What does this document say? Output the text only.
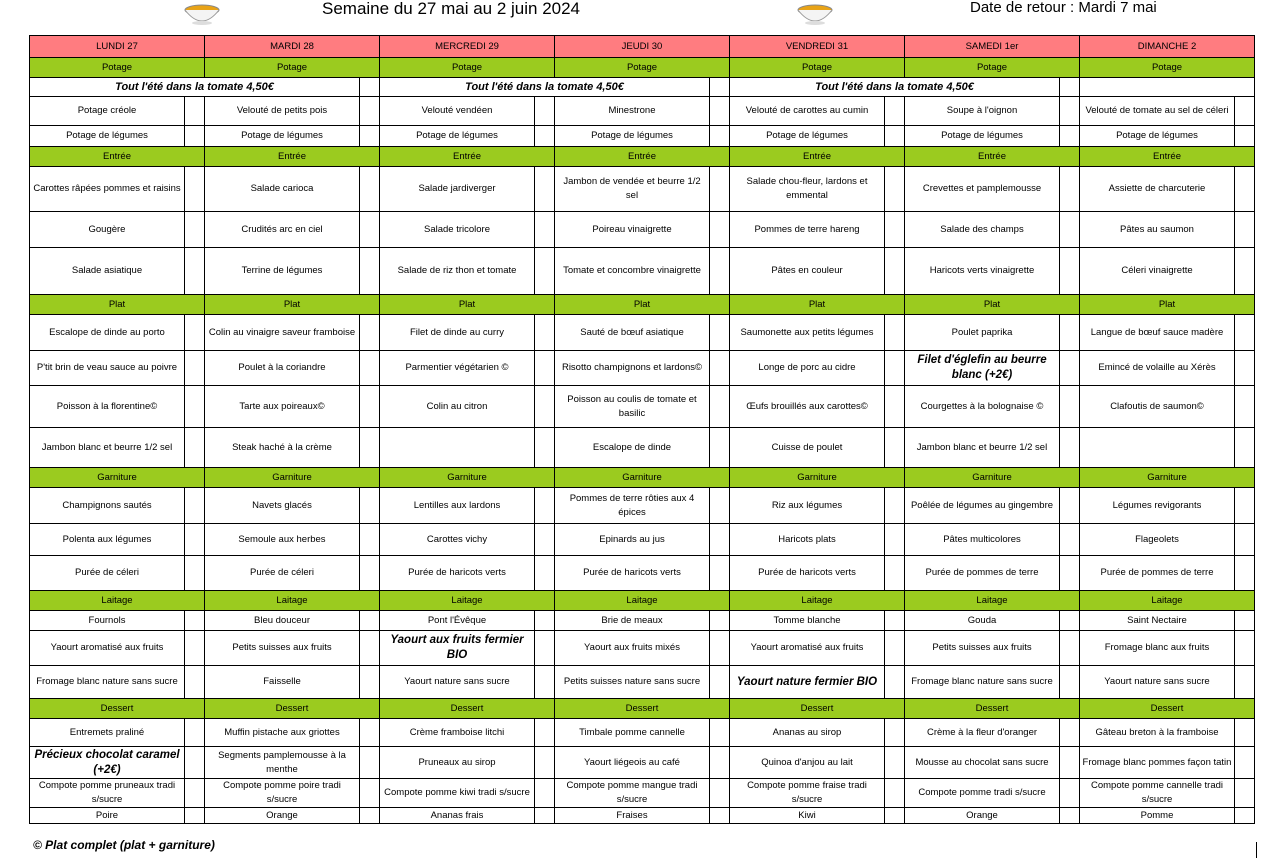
Semaine du 27 mai au 2 juin 2024	Date de retour : Mardi 7 mai
LUNDI 27		MARDI 28		MERCREDI 29		JEUDI 30		VENDREDI 31		SAMEDI 1er		DIMANCHE 2	
Potage		Potage		Potage		Potage		Potage		Potage		Potage	
Tout l'été dans la tomate 4,50€				Tout l'été dans la tomate 4,50€				Tout l'été dans la tomate 4,50€					
Potage créole		Velouté de petits pois		Velouté vendéen		Minestrone		Velouté de carottes au cumin		Soupe à l'oignon		Velouté de tomate au sel de céleri	
Potage de légumes		Potage de légumes		Potage de légumes		Potage de légumes		Potage de légumes		Potage de légumes		Potage de légumes	
Entrée		Entrée		Entrée		Entrée		Entrée		Entrée		Entrée	
Carottes râpées pommes et raisins		Salade carioca		Salade jardiverger		Jambon de vendée et beurre 1/2 sel		Salade chou-fleur, lardons et emmental		Crevettes et pamplemousse		Assiette de charcuterie	
Gougère		Crudités arc en ciel		Salade tricolore		Poireau vinaigrette		Pommes de terre hareng		Salade des champs		Pâtes au saumon	
Salade asiatique		Terrine de légumes		Salade de riz thon et tomate		Tomate et concombre vinaigrette		Pâtes en couleur		Haricots verts vinaigrette		Céleri vinaigrette	
Plat		Plat		Plat		Plat		Plat		Plat		Plat	
Escalope de dinde au porto		Colin au vinaigre saveur framboise		Filet de dinde au curry		Sauté de bœuf asiatique		Saumonette aux petits légumes		Poulet paprika		Langue de bœuf sauce madère	
P'tit brin de veau sauce au poivre		Poulet à la coriandre		Parmentier végétarien ©		Risotto champignons et lardons©		Longe de porc au cidre		Filet d'églefin au beurre blanc (+2€)		Emincé de volaille au Xérès	
Poisson à la florentine©		Tarte aux poireaux©		Colin au citron		Poisson au coulis de tomate et basilic		Œufs brouillés aux carottes©		Courgettes à la bolognaise ©		Clafoutis de saumon©	
Jambon blanc et beurre 1/2 sel		Steak haché à la crème				Escalope de dinde		Cuisse de poulet		Jambon blanc et beurre 1/2 sel			
Garniture		Garniture		Garniture		Garniture		Garniture		Garniture		Garniture	
Champignons sautés		Navets glacés		Lentilles aux lardons		Pommes de terre rôties aux 4 épices		Riz aux légumes		Poêlée de légumes au gingembre		Légumes revigorants	
Polenta aux légumes		Semoule aux herbes		Carottes vichy		Epinards au jus		Haricots plats		Pâtes multicolores		Flageolets	
Purée de céleri		Purée de céleri		Purée de haricots verts		Purée de haricots verts		Purée de haricots verts		Purée de pommes de terre		Purée de pommes de terre	
Laitage		Laitage		Laitage		Laitage		Laitage		Laitage		Laitage	
Fournols		Bleu douceur		Pont l'Évêque		Brie de meaux		Tomme blanche		Gouda		Saint Nectaire	
Yaourt aromatisé aux fruits		Petits suisses aux fruits		Yaourt aux fruits fermier BIO		Yaourt aux fruits mixés		Yaourt aromatisé aux fruits		Petits suisses aux fruits		Fromage blanc aux fruits	
Fromage blanc nature sans sucre		Faisselle		Yaourt nature sans sucre		Petits suisses nature sans sucre		Yaourt nature fermier BIO		Fromage blanc nature sans sucre		Yaourt nature sans sucre	
Dessert		Dessert		Dessert		Dessert		Dessert		Dessert		Dessert	
Entremets praliné		Muffin pistache aux griottes		Crème framboise litchi		Timbale pomme cannelle		Ananas au sirop		Crème à la fleur d'oranger		Gâteau breton à la framboise	
Précieux chocolat caramel (+2€)		Segments pamplemousse à la menthe		Pruneaux au sirop		Yaourt liégeois au café		Quinoa d'anjou au lait		Mousse au chocolat sans sucre		Fromage blanc pommes façon tatin	
Compote pomme pruneaux tradi s/sucre		Compote pomme poire tradi s/sucre		Compote pomme kiwi tradi s/sucre		Compote pomme mangue tradi s/sucre		Compote pomme fraise tradi s/sucre		Compote pomme tradi s/sucre		Compote pomme cannelle tradi s/sucre	
Poire		Orange		Ananas frais		Fraises		Kiwi		Orange		Pomme	
© Plat complet (plat + garniture)
